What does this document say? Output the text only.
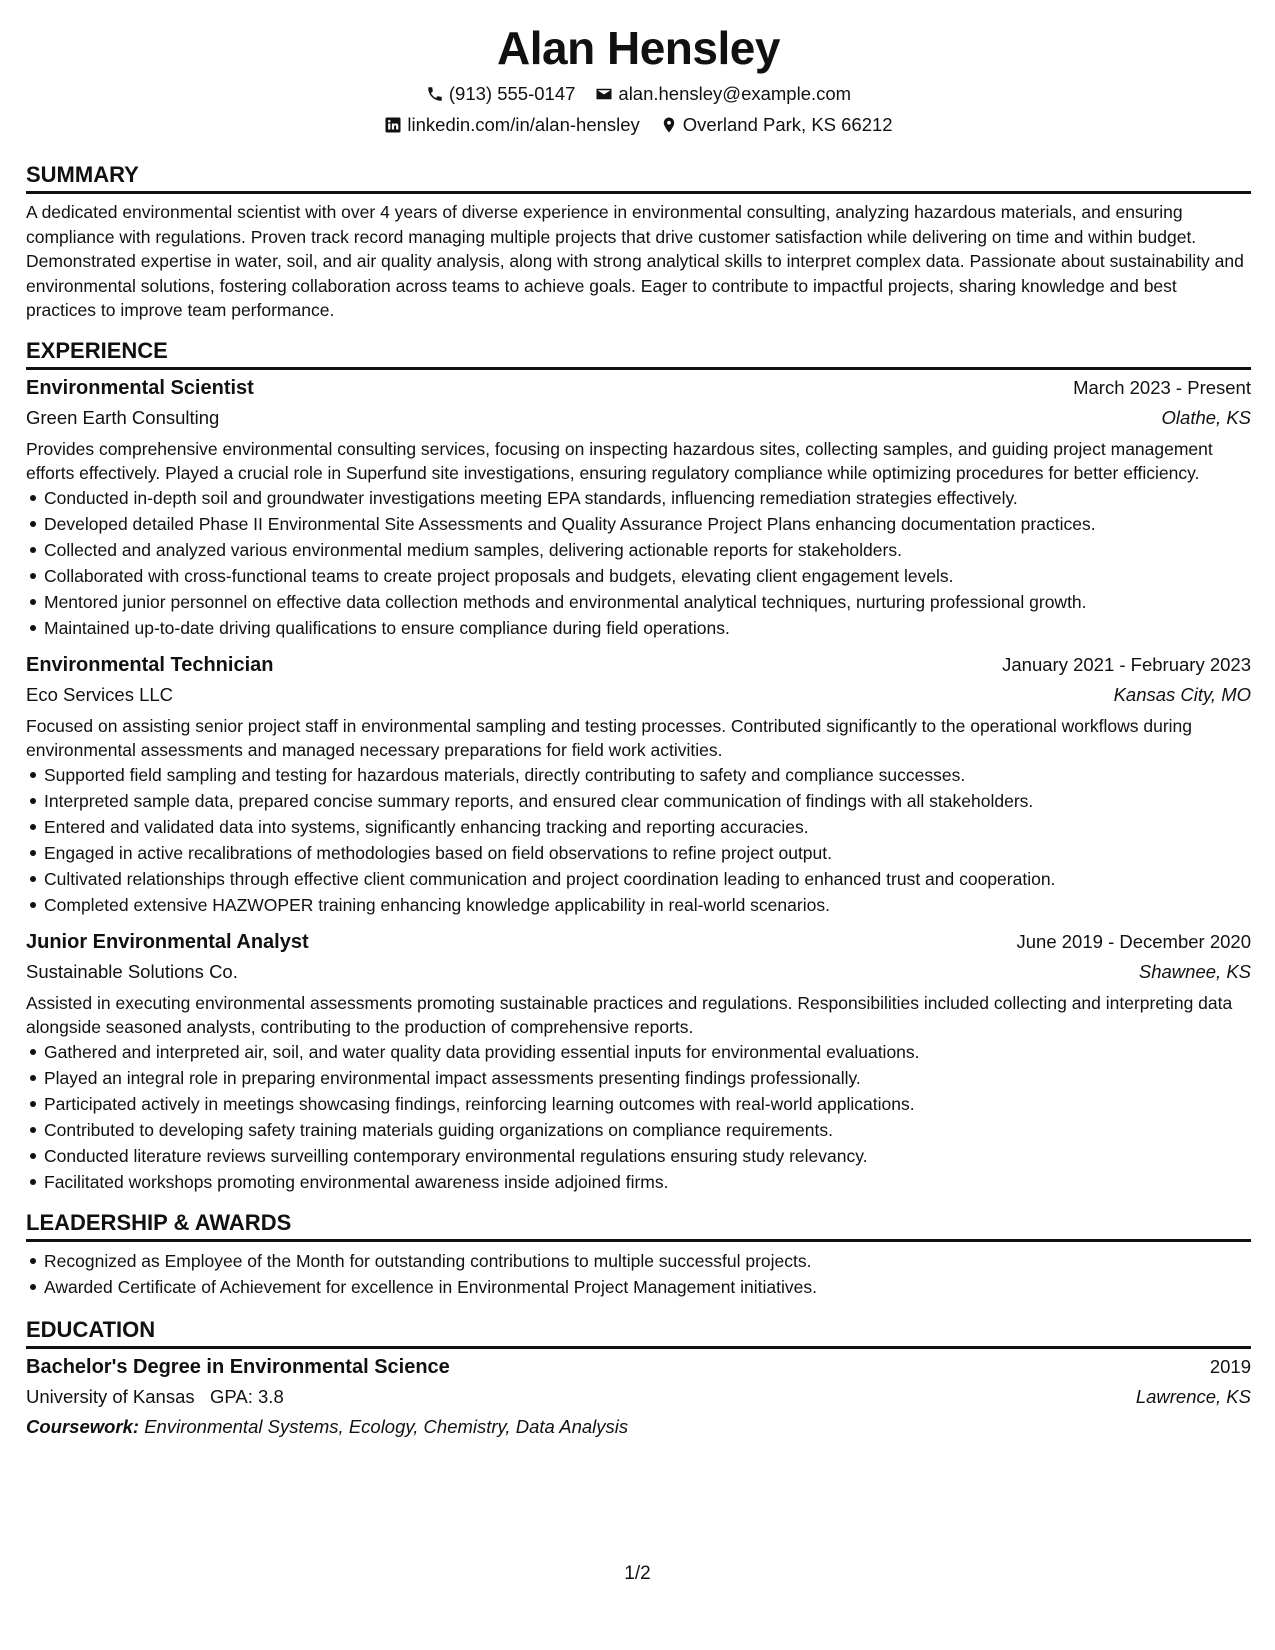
Alan Hensley
(913) 555-0147 alan.hensley@example.com
linkedin.com/in/alan-hensley Overland Park, KS 66212
SUMMARY

A dedicated environmental scientist with over 4 years of diverse experience in environmental consulting, analyzing hazardous materials, and ensuring compliance with regulations. Proven track record managing multiple projects that drive customer satisfaction while delivering on time and within budget. Demonstrated expertise in water, soil, and air quality analysis, along with strong analytical skills to interpret complex data. Passionate about sustainability and environmental solutions, fostering collaboration across teams to achieve goals. Eager to contribute to impactful projects, sharing knowledge and best practices to improve team performance.

EXPERIENCE
Environmental Scientist	March 2023 - Present
Green Earth Consulting	Olathe, KS

Provides comprehensive environmental consulting services, focusing on inspecting hazardous sites, collecting samples, and guiding project management efforts effectively. Played a crucial role in Superfund site investigations, ensuring regulatory compliance while optimizing procedures for better efficiency.

Conducted in-depth soil and groundwater investigations meeting EPA standards, influencing remediation strategies effectively.
Developed detailed Phase II Environmental Site Assessments and Quality Assurance Project Plans enhancing documentation practices.
Collected and analyzed various environmental medium samples, delivering actionable reports for stakeholders.
Collaborated with cross-functional teams to create project proposals and budgets, elevating client engagement levels.
Mentored junior personnel on effective data collection methods and environmental analytical techniques, nurturing professional growth.
Maintained up-to-date driving qualifications to ensure compliance during field operations.
Environmental Technician	January 2021 - February 2023
Eco Services LLC	Kansas City, MO

Focused on assisting senior project staff in environmental sampling and testing processes. Contributed significantly to the operational workflows during environmental assessments and managed necessary preparations for field work activities.

Supported field sampling and testing for hazardous materials, directly contributing to safety and compliance successes.
Interpreted sample data, prepared concise summary reports, and ensured clear communication of findings with all stakeholders.
Entered and validated data into systems, significantly enhancing tracking and reporting accuracies.
Engaged in active recalibrations of methodologies based on field observations to refine project output.
Cultivated relationships through effective client communication and project coordination leading to enhanced trust and cooperation.
Completed extensive HAZWOPER training enhancing knowledge applicability in real-world scenarios.
Junior Environmental Analyst	June 2019 - December 2020
Sustainable Solutions Co.	Shawnee, KS

Assisted in executing environmental assessments promoting sustainable practices and regulations. Responsibilities included collecting and interpreting data alongside seasoned analysts, contributing to the production of comprehensive reports.

Gathered and interpreted air, soil, and water quality data providing essential inputs for environmental evaluations.
Played an integral role in preparing environmental impact assessments presenting findings professionally.
Participated actively in meetings showcasing findings, reinforcing learning outcomes with real-world applications.
Contributed to developing safety training materials guiding organizations on compliance requirements.
Conducted literature reviews surveilling contemporary environmental regulations ensuring study relevancy.
Facilitated workshops promoting environmental awareness inside adjoined firms.
LEADERSHIP & AWARDS
Recognized as Employee of the Month for outstanding contributions to multiple successful projects.
Awarded Certificate of Achievement for excellence in Environmental Project Management initiatives.
EDUCATION
Bachelor's Degree in Environmental Science	2019
University of Kansas GPA: 3.8	Lawrence, KS
Coursework: Environmental Systems, Ecology, Chemistry, Data Analysis
1/2
